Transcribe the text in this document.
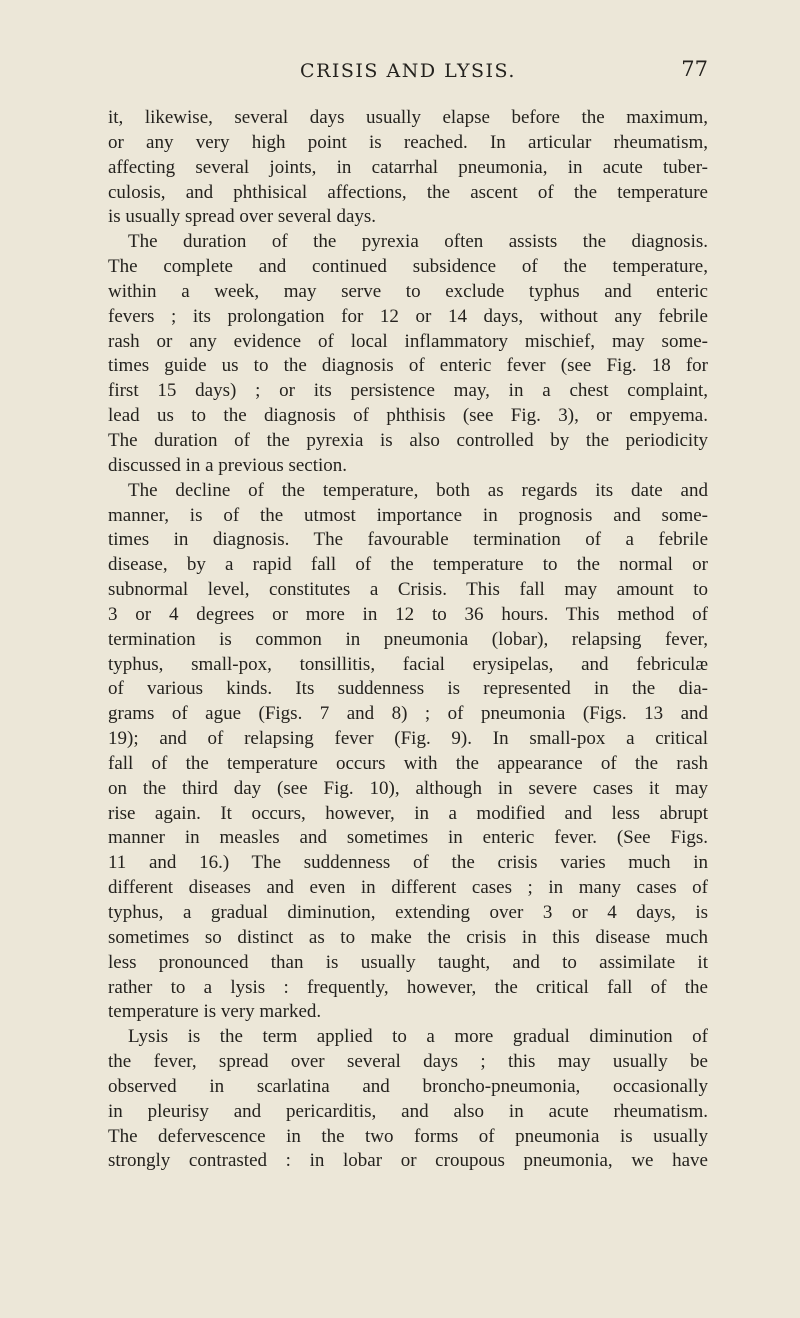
CRISIS AND LYSIS.	77
it, likewise, several days usually elapse before the maximum,
or any very high point is reached. In articular rheumatism,
affecting several joints, in catarrhal pneumonia, in acute tuber-
culosis, and phthisical affections, the ascent of the temperature
is usually spread over several days.
The duration of the pyrexia often assists the diagnosis.
The complete and continued subsidence of the temperature,
within a week, may serve to exclude typhus and enteric
fevers ; its prolongation for 12 or 14 days, without any febrile
rash or any evidence of local inflammatory mischief, may some-
times guide us to the diagnosis of enteric fever (see Fig. 18 for
first 15 days) ; or its persistence may, in a chest complaint,
lead us to the diagnosis of phthisis (see Fig. 3), or empyema.
The duration of the pyrexia is also controlled by the periodicity
discussed in a previous section.
The decline of the temperature, both as regards its date and
manner, is of the utmost importance in prognosis and some-
times in diagnosis. The favourable termination of a febrile
disease, by a rapid fall of the temperature to the normal or
subnormal level, constitutes a Crisis. This fall may amount to
3 or 4 degrees or more in 12 to 36 hours. This method of
termination is common in pneumonia (lobar), relapsing fever,
typhus, small-pox, tonsillitis, facial erysipelas, and febriculæ
of various kinds. Its suddenness is represented in the dia-
grams of ague (Figs. 7 and 8) ; of pneumonia (Figs. 13 and
19); and of relapsing fever (Fig. 9). In small-pox a critical
fall of the temperature occurs with the appearance of the rash
on the third day (see Fig. 10), although in severe cases it may
rise again. It occurs, however, in a modified and less abrupt
manner in measles and sometimes in enteric fever. (See Figs.
11 and 16.) The suddenness of the crisis varies much in
different diseases and even in different cases ; in many cases of
typhus, a gradual diminution, extending over 3 or 4 days, is
sometimes so distinct as to make the crisis in this disease much
less pronounced than is usually taught, and to assimilate it
rather to a lysis : frequently, however, the critical fall of the
temperature is very marked.
Lysis is the term applied to a more gradual diminution of
the fever, spread over several days ; this may usually be
observed in scarlatina and broncho-pneumonia, occasionally
in pleurisy and pericarditis, and also in acute rheumatism.
The defervescence in the two forms of pneumonia is usually
strongly contrasted : in lobar or croupous pneumonia, we have
